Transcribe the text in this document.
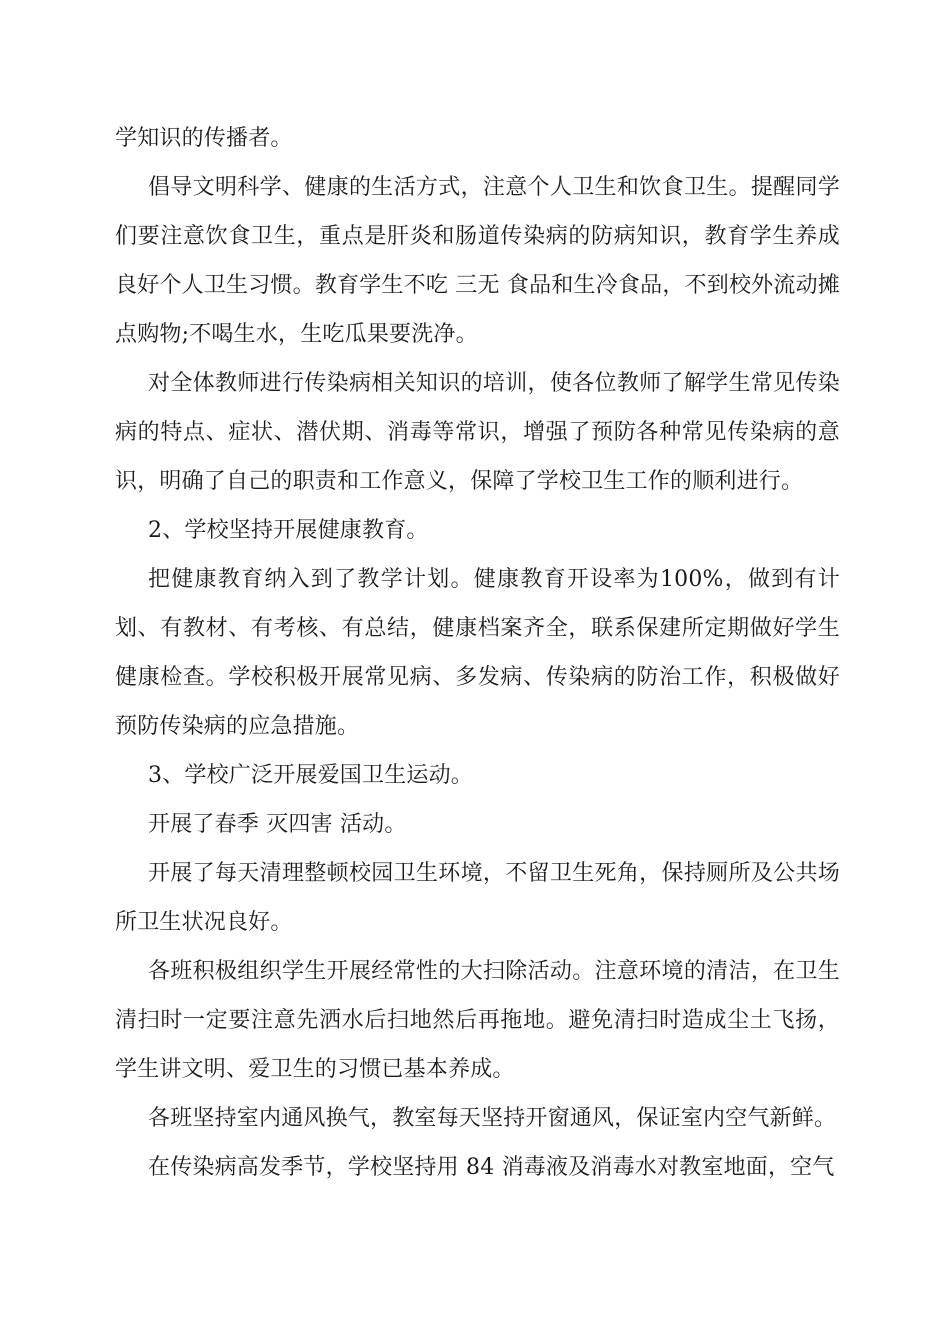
学知识的传播者。

倡导文明科学、健康的生活方式，注意个人卫生和饮食卫生。提醒同学们要注意饮食卫生，重点是肝炎和肠道传染病的防病知识，教育学生养成良好个人卫生习惯。教育学生不吃 三无 食品和生冷食品，不到校外流动摊点购物;不喝生水，生吃瓜果要洗净。

对全体教师进行传染病相关知识的培训，使各位教师了解学生常见传染病的特点、症状、潜伏期、消毒等常识，增强了预防各种常见传染病的意识，明确了自己的职责和工作意义，保障了学校卫生工作的顺利进行。

2、学校坚持开展健康教育。

把健康教育纳入到了教学计划。健康教育开设率为100%，做到有计划、有教材、有考核、有总结，健康档案齐全，联系保建所定期做好学生健康检查。学校积极开展常见病、多发病、传染病的防治工作，积极做好预防传染病的应急措施。

3、学校广泛开展爱国卫生运动。

开展了春季 灭四害 活动。

开展了每天清理整顿校园卫生环境，不留卫生死角，保持厕所及公共场所卫生状况良好。

各班积极组织学生开展经常性的大扫除活动。注意环境的清洁，在卫生清扫时一定要注意先洒水后扫地然后再拖地。避免清扫时造成尘土飞扬，学生讲文明、爱卫生的习惯已基本养成。

各班坚持室内通风换气，教室每天坚持开窗通风，保证室内空气新鲜。

在传染病高发季节，学校坚持用 84 消毒液及消毒水对教室地面，空气
